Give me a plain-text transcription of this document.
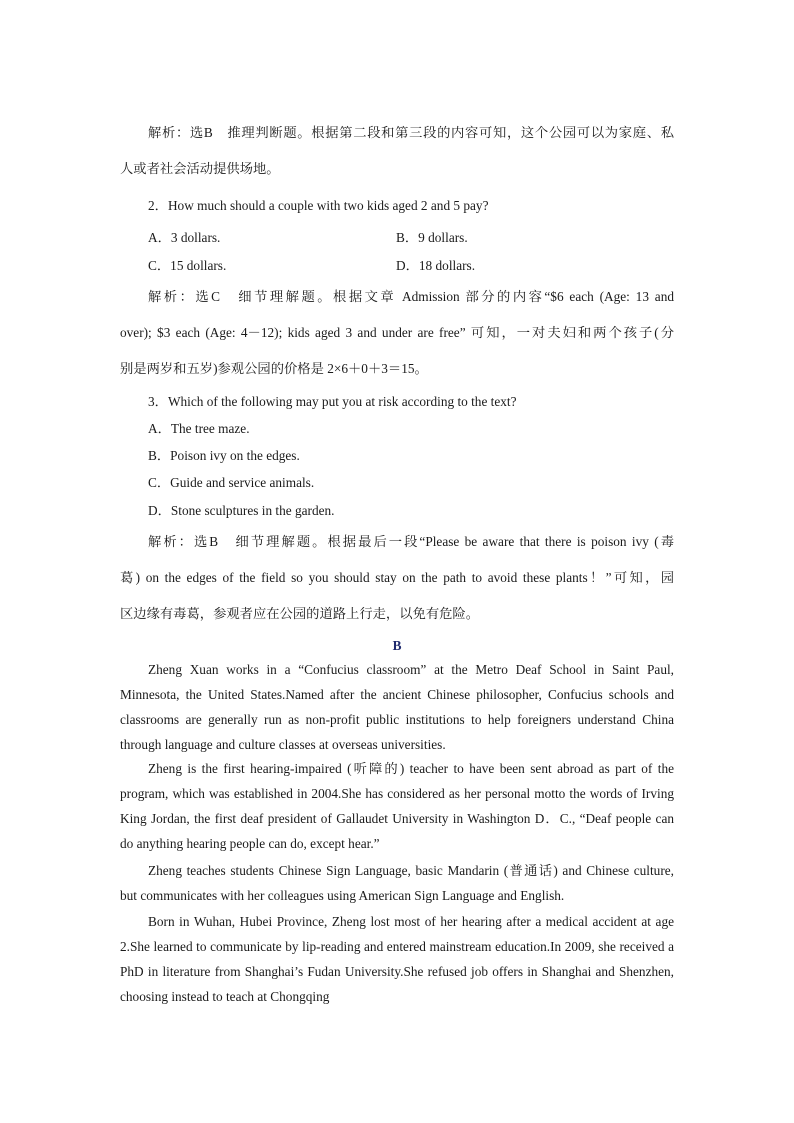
解析：选B　推理判断题。根据第二段和第三段的内容可知，这个公园可以为家庭、私
人或者社会活动提供场地。
2．How much should a couple with two kids aged 2 and 5 pay?
A．3 dollars.	B．9 dollars.
C．15 dollars.	D．18 dollars.
解析：选C　细节理解题。根据文章 Admission 部分的内容“$6 each (Age: 13 and
over); $3 each (Age: 4－12); kids aged 3 and under are free” 可知，一对夫妇和两个孩子(分
别是两岁和五岁)参观公园的价格是 2×6＋0＋3＝15。
3．Which of the following may put you at risk according to the text?
A．The tree maze.
B．Poison ivy on the edges.
C．Guide and service animals.
D．Stone sculptures in the garden.
解析：选B　细节理解题。根据最后一段“Please be aware that there is poison ivy (毒
葛) on the edges of the field so you should stay on the path to avoid these plants！”可知，园
区边缘有毒葛，参观者应在公园的道路上行走，以免有危险。
B
Zheng Xuan works in a “Confucius classroom” at the Metro Deaf School in Saint Paul, Minnesota, the United States.Named after the ancient Chinese philosopher, Confucius schools and classrooms are generally run as non-profit public institutions to help foreigners understand China through language and culture classes at overseas universities.
Zheng is the first hearing-impaired (听障的) teacher to have been sent abroad as part of the program, which was established in 2004.She has considered as her personal motto the words of Irving King Jordan, the first deaf president of Gallaudet University in Washington D．C., “Deaf people can do anything hearing people can do, except hear.”
Zheng teaches students Chinese Sign Language, basic Mandarin (普通话) and Chinese culture, but communicates with her colleagues using American Sign Language and English.
Born in Wuhan, Hubei Province, Zheng lost most of her hearing after a medical accident at age 2.She learned to communicate by lip-reading and entered mainstream education.In 2009, she received a PhD in literature from Shanghai’s Fudan University.She refused job offers in Shanghai and Shenzhen, choosing instead to teach at Chongqing
